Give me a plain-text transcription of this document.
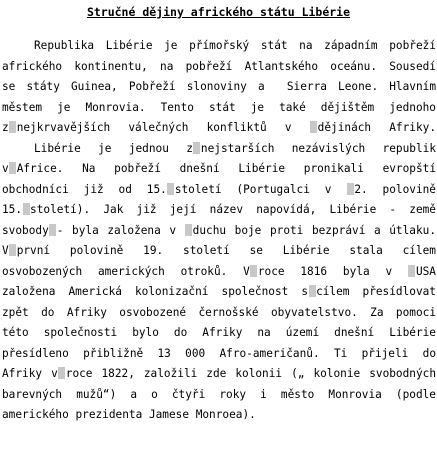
Stručné dějiny afrického státu Libérie
Republika Libérie je přímořský stát na západním pobřeží
afrického kontinentu, na pobřeží Atlantského oceánu. Sousedí
se státy Guinea, Pobřeží slonoviny a  Sierra Leone. Hlavním
městem je Monrovia. Tento stát je také dějištěm jednoho
z nejkrvavějších válečných konfliktů v dějinách Afriky.
Libérie je jednou z nejstarších nezávislých republik
v Africe. Na pobřeží dnešní Libérie pronikali evropští
obchodníci již od 15. století (Portugalci v 2. polovině
15. století). Jak již její název napovídá, Libérie - země
svobody - byla založena v duchu boje proti bezpráví a útlaku.
V první polovině 19. století se Libérie stala cílem
osvobozených amerických otroků. V roce 1816 byla v USA
založena Americká kolonizační společnost s cílem přesídlovat
zpět do Afriky osvobozené černošské obyvatelstvo. Za pomoci
této společnosti bylo do Afriky na území dnešní Libérie
přesídleno přibližně 13 000 Afro-američanů. Ti přijeli do
Afriky v roce 1822, založili zde kolonii („ kolonie svobodných
barevných mužů“) a o čtyři roky i město Monrovia (podle
amerického prezidenta Jamese Monroea).
